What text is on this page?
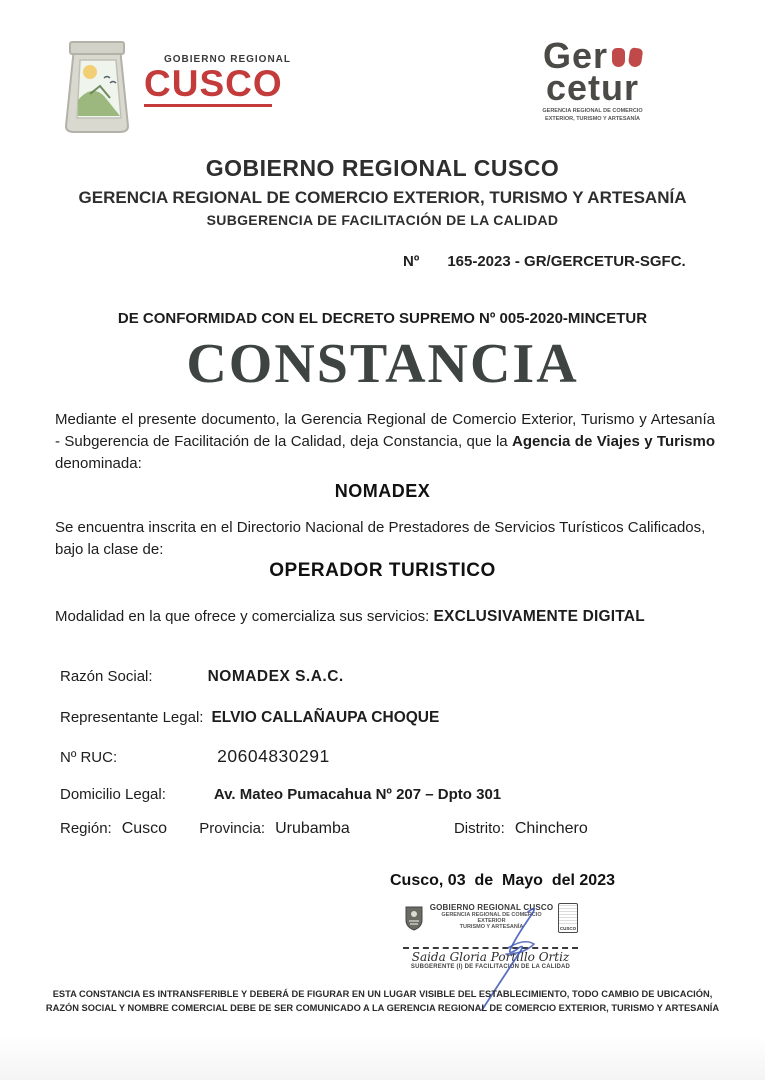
GOBIERNO REGIONAL
CUSCO
Ger
cetur
GERENCIA REGIONAL DE COMERCIO
EXTERIOR, TURISMO Y ARTESANÍA
GOBIERNO REGIONAL CUSCO
GERENCIA REGIONAL DE COMERCIO EXTERIOR, TURISMO Y ARTESANÍA
SUBGERENCIA DE FACILITACIÓN DE LA CALIDAD
Nº 165-2023 - GR/GERCETUR-SGFC.
DE CONFORMIDAD CON EL DECRETO SUPREMO Nº 005-2020-MINCETUR
CONSTANCIA
Mediante el presente documento, la Gerencia Regional de Comercio Exterior, Turismo y Artesanía - Subgerencia de Facilitación de la Calidad, deja Constancia, que la Agencia de Viajes y Turismo denominada:
NOMADEX
Se encuentra inscrita en el Directorio Nacional de Prestadores de Servicios Turísticos Calificados, bajo la clase de:
OPERADOR TURISTICO
Modalidad en la que ofrece y comercializa sus servicios: EXCLUSIVAMENTE DIGITAL
Razón Social:	NOMADEX S.A.C.
Representante Legal: ELVIO CALLAÑAUPA CHOQUE
Nº RUC:	20604830291
Domicilio Legal:	Av. Mateo Pumacahua Nº 207 – Dpto 301
Región: Cusco Provincia: Urubamba	Distrito: Chinchero
Cusco, 03  de  Mayo  del 2023
GOBIERNO REGIONAL CUSCO
GERENCIA REGIONAL DE COMERCIO EXTERIOR
TURISMO Y ARTESANÍA	CUSCO
Saida Gloria Portillo Ortiz
SUBGERENTE (I) DE FACILITACIÓN DE LA CALIDAD
ESTA CONSTANCIA ES INTRANSFERIBLE Y DEBERÁ DE FIGURAR EN UN LUGAR VISIBLE DEL ESTABLECIMIENTO, TODO CAMBIO DE UBICACIÓN,
RAZÓN SOCIAL Y NOMBRE COMERCIAL DEBE DE SER COMUNICADO A LA GERENCIA REGIONAL DE COMERCIO EXTERIOR, TURISMO Y ARTESANÍA
